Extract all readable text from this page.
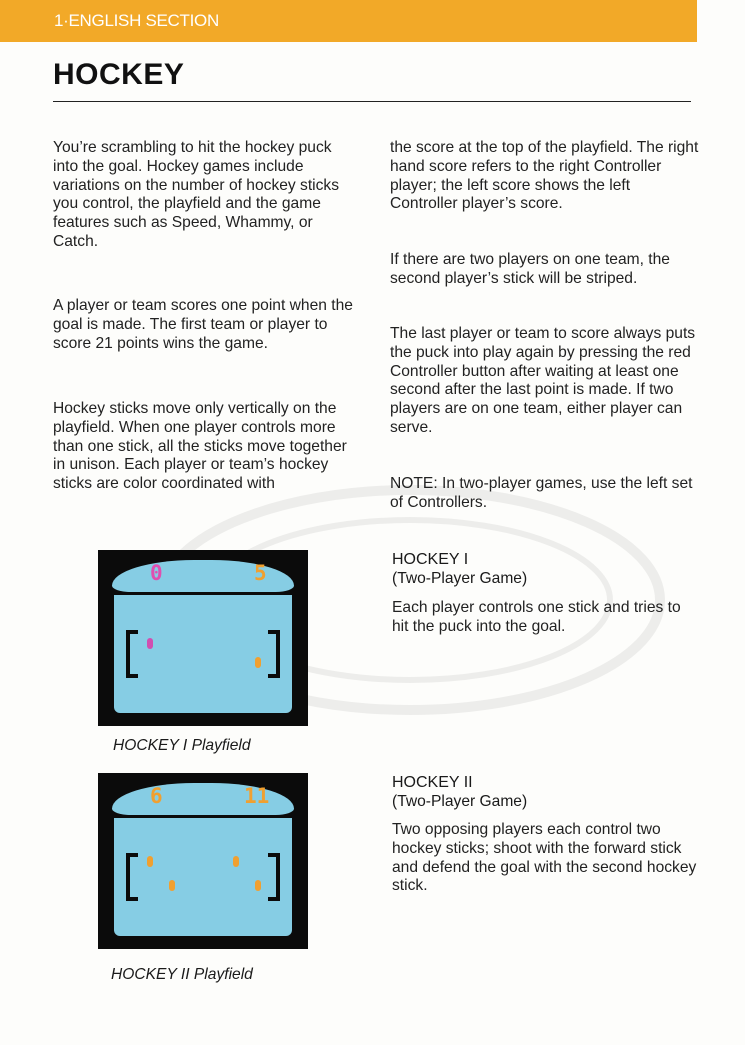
1·ENGLISH SECTION
HOCKEY

You’re scrambling to hit the hockey puck into the goal. Hockey games include variations on the number of hockey sticks you control, the playfield and the game features such as Speed, Whammy, or Catch.

A player or team scores one point when the goal is made. The first team or player to score 21 points wins the game.

Hockey sticks move only vertically on the playfield. When one player controls more than one stick, all the sticks move together in unison. Each player or team’s hockey sticks are color coordinated with

the score at the top of the playfield. The right hand score refers to the right Controller player; the left score shows the left Controller player’s score.

If there are two players on one team, the second player’s stick will be striped.

The last player or team to score always puts the puck into play again by pressing the red Controller button after waiting at least one second after the last point is made. If two players are on one team, either player can serve.

NOTE: In two-player games, use the left set of Controllers.

0	5

HOCKEY I Playfield

6	11

HOCKEY II Playfield

HOCKEY I
(Two-Player Game)

Each player controls one stick and tries to hit the puck into the goal.

HOCKEY II
(Two-Player Game)

Two opposing players each control two hockey sticks; shoot with the forward stick and defend the goal with the second hockey stick.
